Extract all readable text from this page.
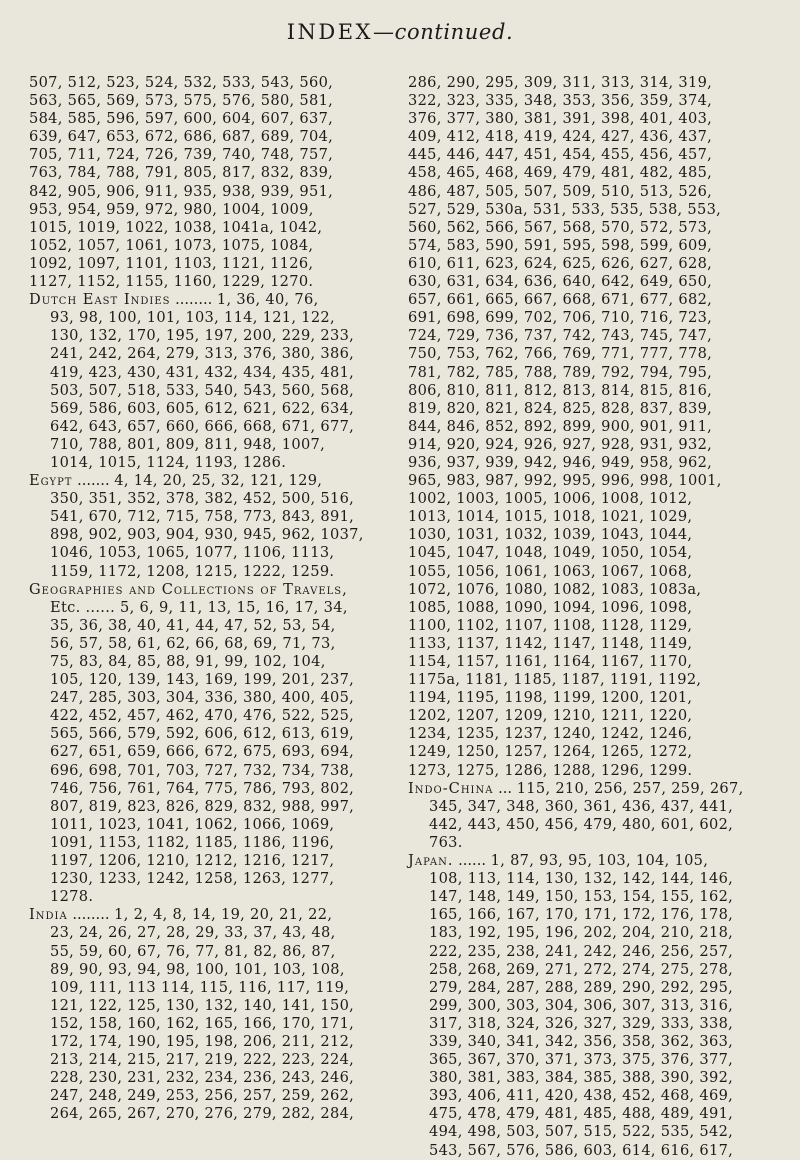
INDEX—continued.
507, 512, 523, 524, 532, 533, 543, 560,
563, 565, 569, 573, 575, 576, 580, 581,
584, 585, 596, 597, 600, 604, 607, 637,
639, 647, 653, 672, 686, 687, 689, 704,
705, 711, 724, 726, 739, 740, 748, 757,
763, 784, 788, 791, 805, 817, 832, 839,
842, 905, 906, 911, 935, 938, 939, 951,
953, 954, 959, 972, 980, 1004, 1009,
1015, 1019, 1022, 1038, 1041a, 1042,
1052, 1057, 1061, 1073, 1075, 1084,
1092, 1097, 1101, 1103, 1121, 1126,
1127, 1152, 1155, 1160, 1229, 1270.
Dutch East Indies ........ 1, 36, 40, 76,
93, 98, 100, 101, 103, 114, 121, 122,
130, 132, 170, 195, 197, 200, 229, 233,
241, 242, 264, 279, 313, 376, 380, 386,
419, 423, 430, 431, 432, 434, 435, 481,
503, 507, 518, 533, 540, 543, 560, 568,
569, 586, 603, 605, 612, 621, 622, 634,
642, 643, 657, 660, 666, 668, 671, 677,
710, 788, 801, 809, 811, 948, 1007,
1014, 1015, 1124, 1193, 1286.
Egypt ....... 4, 14, 20, 25, 32, 121, 129,
350, 351, 352, 378, 382, 452, 500, 516,
541, 670, 712, 715, 758, 773, 843, 891,
898, 902, 903, 904, 930, 945, 962, 1037,
1046, 1053, 1065, 1077, 1106, 1113,
1159, 1172, 1208, 1215, 1222, 1259.
Geographies and Collections of Travels,
Etc. ...... 5, 6, 9, 11, 13, 15, 16, 17, 34,
35, 36, 38, 40, 41, 44, 47, 52, 53, 54,
56, 57, 58, 61, 62, 66, 68, 69, 71, 73,
75, 83, 84, 85, 88, 91, 99, 102, 104,
105, 120, 139, 143, 169, 199, 201, 237,
247, 285, 303, 304, 336, 380, 400, 405,
422, 452, 457, 462, 470, 476, 522, 525,
565, 566, 579, 592, 606, 612, 613, 619,
627, 651, 659, 666, 672, 675, 693, 694,
696, 698, 701, 703, 727, 732, 734, 738,
746, 756, 761, 764, 775, 786, 793, 802,
807, 819, 823, 826, 829, 832, 988, 997,
1011, 1023, 1041, 1062, 1066, 1069,
1091, 1153, 1182, 1185, 1186, 1196,
1197, 1206, 1210, 1212, 1216, 1217,
1230, 1233, 1242, 1258, 1263, 1277,
1278.
India ........ 1, 2, 4, 8, 14, 19, 20, 21, 22,
23, 24, 26, 27, 28, 29, 33, 37, 43, 48,
55, 59, 60, 67, 76, 77, 81, 82, 86, 87,
89, 90, 93, 94, 98, 100, 101, 103, 108,
109, 111, 113 114, 115, 116, 117, 119,
121, 122, 125, 130, 132, 140, 141, 150,
152, 158, 160, 162, 165, 166, 170, 171,
172, 174, 190, 195, 198, 206, 211, 212,
213, 214, 215, 217, 219, 222, 223, 224,
228, 230, 231, 232, 234, 236, 243, 246,
247, 248, 249, 253, 256, 257, 259, 262,
264, 265, 267, 270, 276, 279, 282, 284,
286, 290, 295, 309, 311, 313, 314, 319,
322, 323, 335, 348, 353, 356, 359, 374,
376, 377, 380, 381, 391, 398, 401, 403,
409, 412, 418, 419, 424, 427, 436, 437,
445, 446, 447, 451, 454, 455, 456, 457,
458, 465, 468, 469, 479, 481, 482, 485,
486, 487, 505, 507, 509, 510, 513, 526,
527, 529, 530a, 531, 533, 535, 538, 553,
560, 562, 566, 567, 568, 570, 572, 573,
574, 583, 590, 591, 595, 598, 599, 609,
610, 611, 623, 624, 625, 626, 627, 628,
630, 631, 634, 636, 640, 642, 649, 650,
657, 661, 665, 667, 668, 671, 677, 682,
691, 698, 699, 702, 706, 710, 716, 723,
724, 729, 736, 737, 742, 743, 745, 747,
750, 753, 762, 766, 769, 771, 777, 778,
781, 782, 785, 788, 789, 792, 794, 795,
806, 810, 811, 812, 813, 814, 815, 816,
819, 820, 821, 824, 825, 828, 837, 839,
844, 846, 852, 892, 899, 900, 901, 911,
914, 920, 924, 926, 927, 928, 931, 932,
936, 937, 939, 942, 946, 949, 958, 962,
965, 983, 987, 992, 995, 996, 998, 1001,
1002, 1003, 1005, 1006, 1008, 1012,
1013, 1014, 1015, 1018, 1021, 1029,
1030, 1031, 1032, 1039, 1043, 1044,
1045, 1047, 1048, 1049, 1050, 1054,
1055, 1056, 1061, 1063, 1067, 1068,
1072, 1076, 1080, 1082, 1083, 1083a,
1085, 1088, 1090, 1094, 1096, 1098,
1100, 1102, 1107, 1108, 1128, 1129,
1133, 1137, 1142, 1147, 1148, 1149,
1154, 1157, 1161, 1164, 1167, 1170,
1175a, 1181, 1185, 1187, 1191, 1192,
1194, 1195, 1198, 1199, 1200, 1201,
1202, 1207, 1209, 1210, 1211, 1220,
1234, 1235, 1237, 1240, 1242, 1246,
1249, 1250, 1257, 1264, 1265, 1272,
1273, 1275, 1286, 1288, 1296, 1299.
Indo-China ... 115, 210, 256, 257, 259, 267,
345, 347, 348, 360, 361, 436, 437, 441,
442, 443, 450, 456, 479, 480, 601, 602,
763.
Japan. ...... 1, 87, 93, 95, 103, 104, 105,
108, 113, 114, 130, 132, 142, 144, 146,
147, 148, 149, 150, 153, 154, 155, 162,
165, 166, 167, 170, 171, 172, 176, 178,
183, 192, 195, 196, 202, 204, 210, 218,
222, 235, 238, 241, 242, 246, 256, 257,
258, 268, 269, 271, 272, 274, 275, 278,
279, 284, 287, 288, 289, 290, 292, 295,
299, 300, 303, 304, 306, 307, 313, 316,
317, 318, 324, 326, 327, 329, 333, 338,
339, 340, 341, 342, 356, 358, 362, 363,
365, 367, 370, 371, 373, 375, 376, 377,
380, 381, 383, 384, 385, 388, 390, 392,
393, 406, 411, 420, 438, 452, 468, 469,
475, 478, 479, 481, 485, 488, 489, 491,
494, 498, 503, 507, 515, 522, 535, 542,
543, 567, 576, 586, 603, 614, 616, 617,
